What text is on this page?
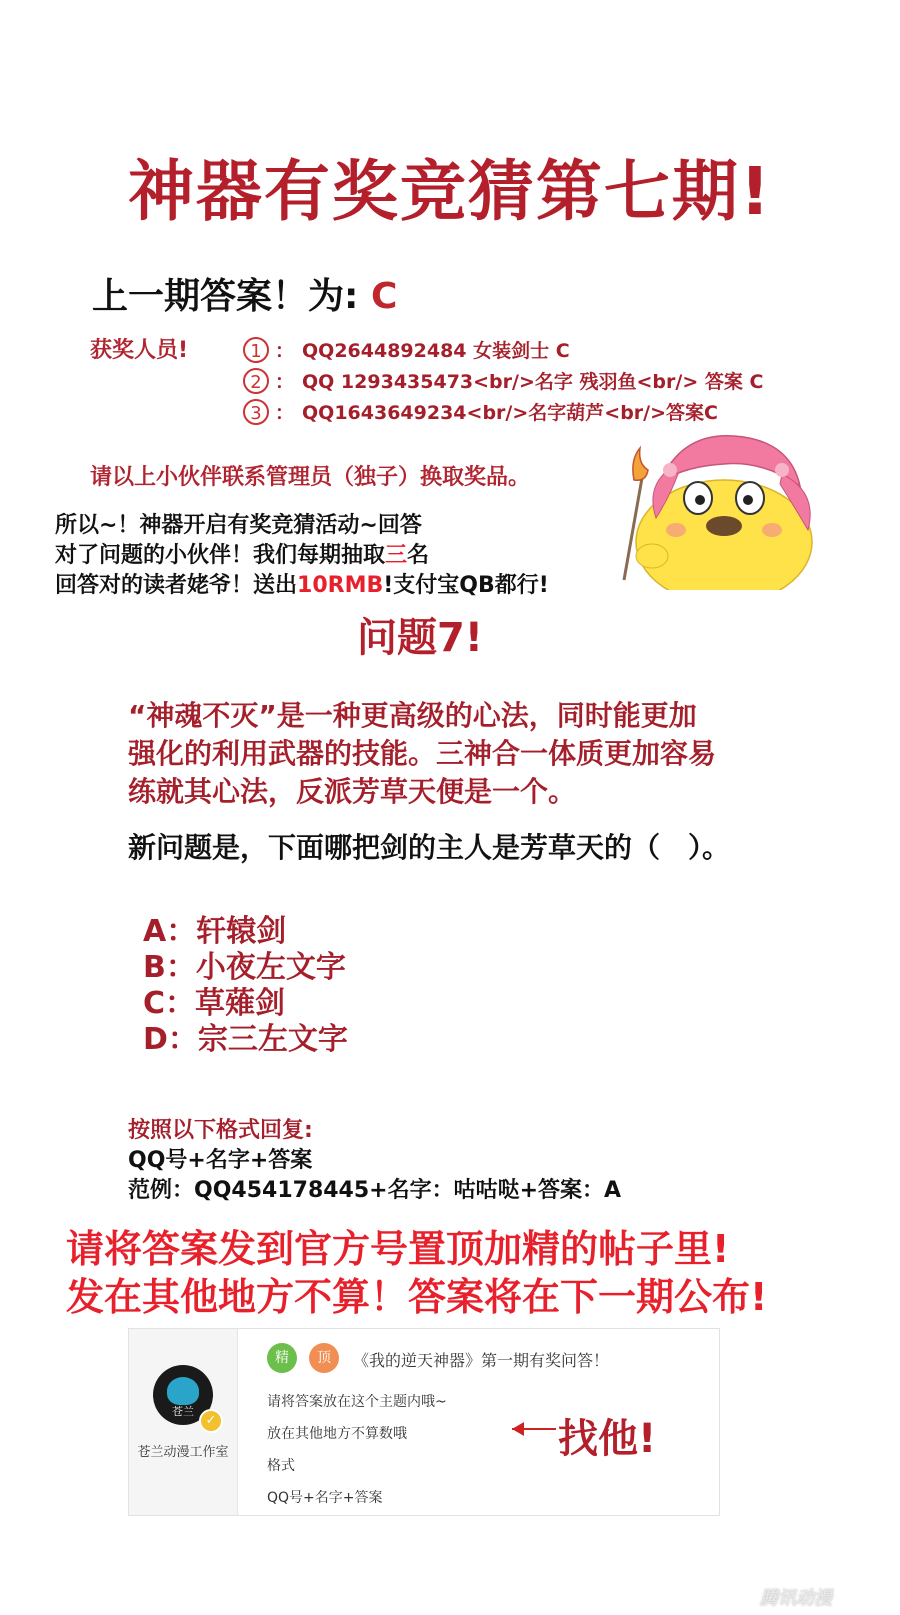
神器有奖竞猜第七期!
上一期答案！为: C
获奖人员!	1 ： QQ2644892484 女装剑士 C
2 ： QQ 1293435473<br/>名字 残羽鱼<br/> 答案 C
3 ： QQ1643649234<br/>名字葫芦<br/>答案C
请以上小伙伴联系管理员（独子）换取奖品。
所以~！神器开启有奖竞猜活动~回答
对了问题的小伙伴！我们每期抽取三名
回答对的读者姥爷！送出10RMB!支付宝QB都行!
问题7!
“神魂不灭”是一种更高级的心法，同时能更加
强化的利用武器的技能。三神合一体质更加容易
练就其心法，反派芳草天便是一个。
新问题是，下面哪把剑的主人是芳草天的（　）。
A：轩辕剑
B：小夜左文字
C：草薙剑
D：宗三左文字
按照以下格式回复:
QQ号+名字+答案
范例：QQ454178445+名字：咕咕哒+答案：A
请将答案发到官方号置顶加精的帖子里!
发在其他地方不算！答案将在下一期公布!
苍兰
✓
苍兰动漫工作室
精	顶	《我的逆天神器》第一期有奖问答！
请将答案放在这个主题内哦~
放在其他地方不算数哦
格式
QQ号+名字+答案
找他!
腾讯动漫
